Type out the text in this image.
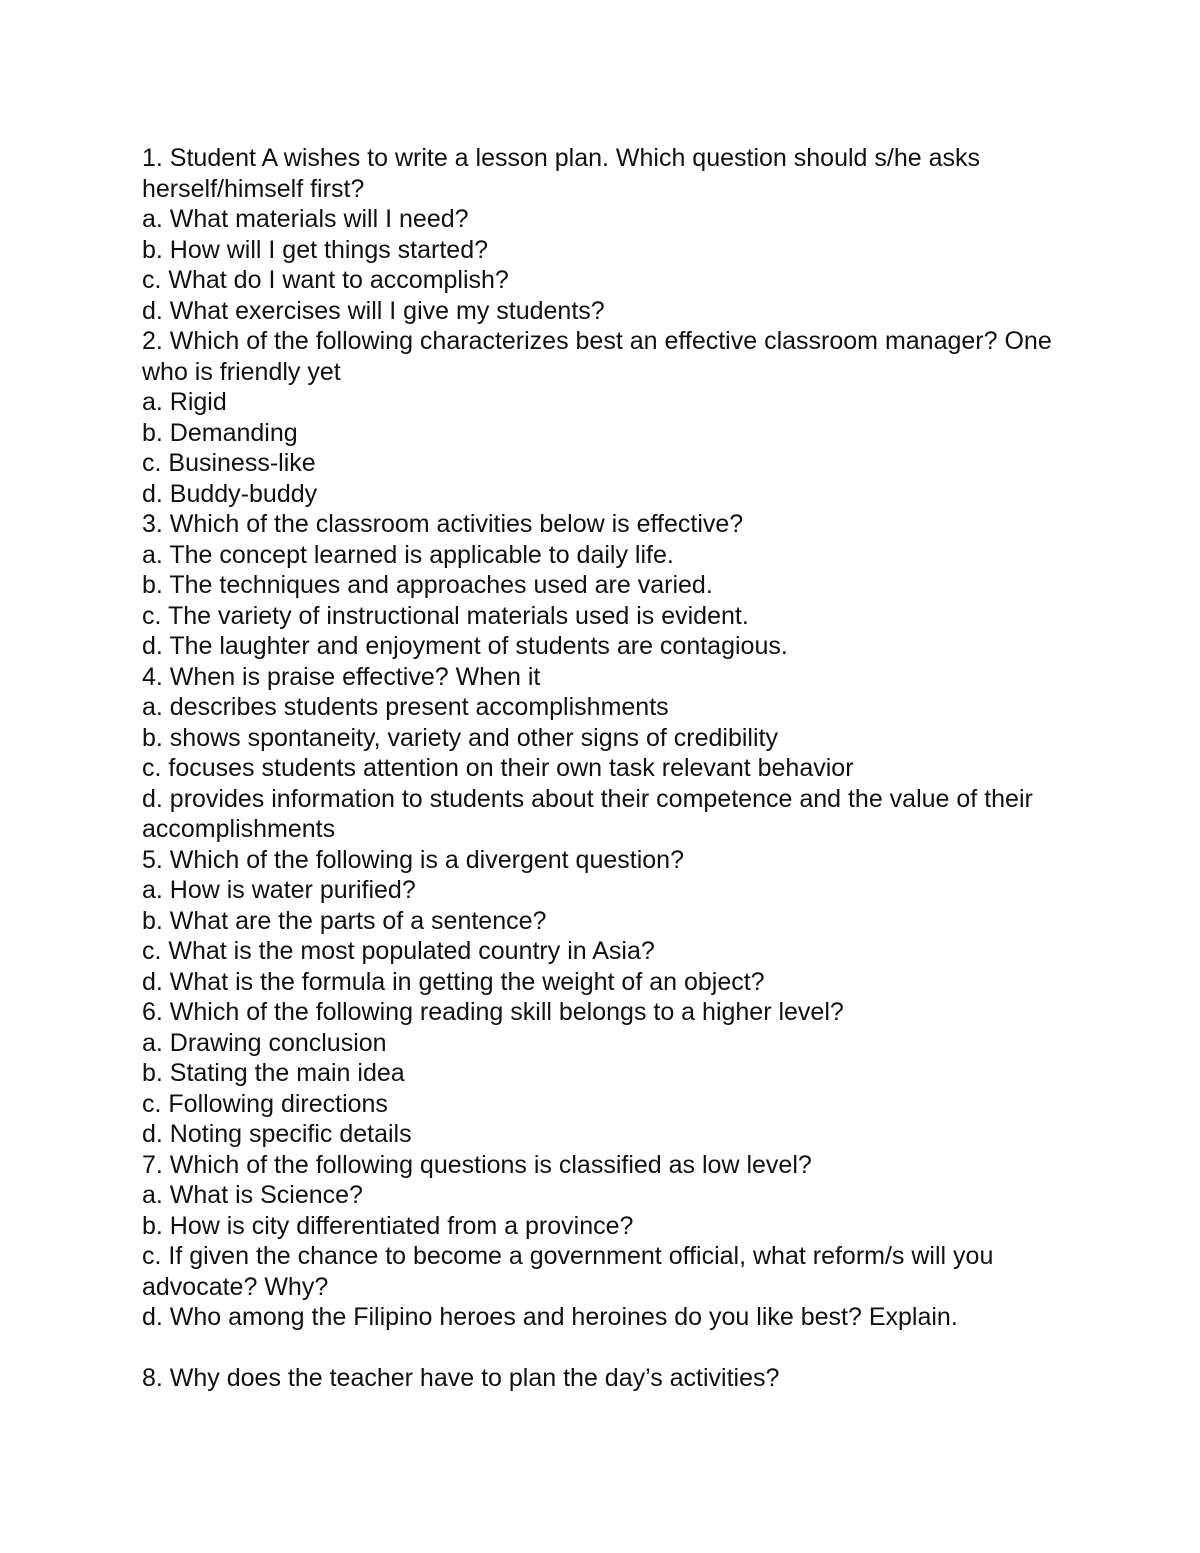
1. Student A wishes to write a lesson plan. Which question should s/he asks herself/himself first?

a. What materials will I need?

b. How will I get things started?

c. What do I want to accomplish?

d. What exercises will I give my students?

2. Which of the following characterizes best an effective classroom manager? One who is friendly yet

a. Rigid

b. Demanding

c. Business-like

d. Buddy-buddy

3. Which of the classroom activities below is effective?

a. The concept learned is applicable to daily life.

b. The techniques and approaches used are varied.

c. The variety of instructional materials used is evident.

d. The laughter and enjoyment of students are contagious.

4. When is praise effective? When it

a. describes students present accomplishments

b. shows spontaneity, variety and other signs of credibility

c. focuses students attention on their own task relevant behavior

d. provides information to students about their competence and the value of their accomplishments

5. Which of the following is a divergent question?

a. How is water purified?

b. What are the parts of a sentence?

c. What is the most populated country in Asia?

d. What is the formula in getting the weight of an object?

6. Which of the following reading skill belongs to a higher level?

a. Drawing conclusion

b. Stating the main idea

c. Following directions

d. Noting specific details

7. Which of the following questions is classified as low level?

a. What is Science?

b. How is city differentiated from a province?

c. If given the chance to become a government official, what reform/s will you advocate? Why?

d. Who among the Filipino heroes and heroines do you like best? Explain.

8. Why does the teacher have to plan the day’s activities?
